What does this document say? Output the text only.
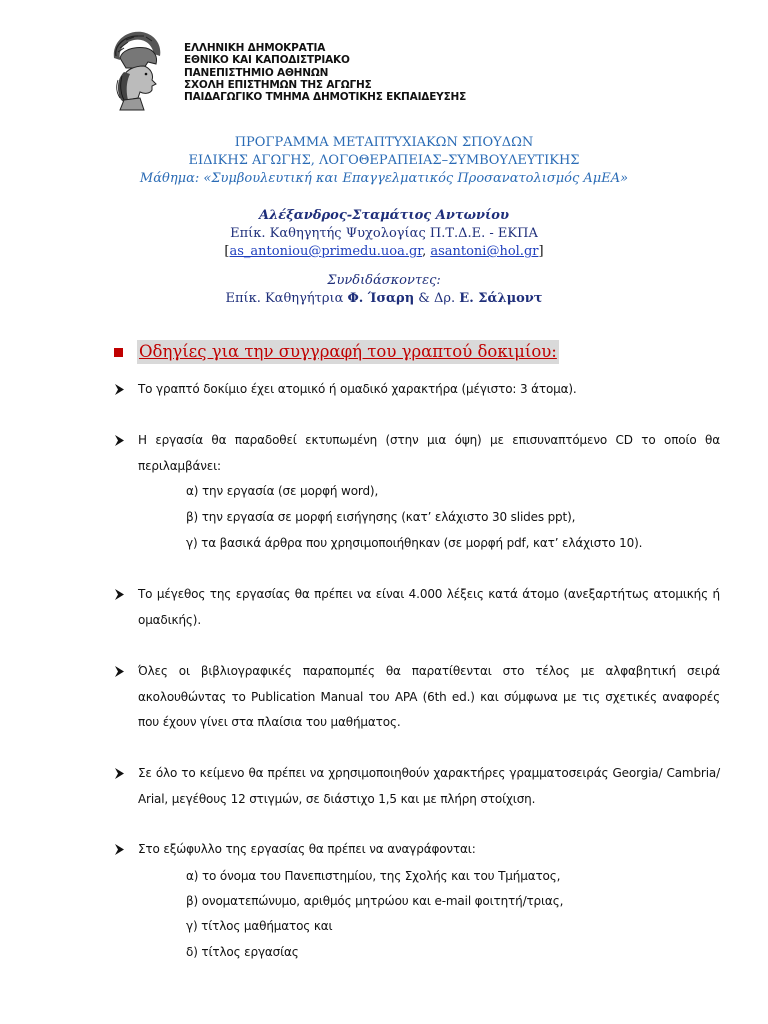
ΕΛΛΗΝΙΚΗ ΔΗΜΟΚΡΑΤΙΑ
ΕΘΝΙΚΟ ΚΑΙ ΚΑΠΟΔΙΣΤΡΙΑΚΟ
ΠΑΝΕΠΙΣΤΗΜΙΟ ΑΘΗΝΩΝ
ΣΧΟΛΗ ΕΠΙΣΤΗΜΩΝ ΤΗΣ ΑΓΩΓΗΣ
ΠΑΙΔΑΓΩΓΙΚΟ ΤΜΗΜΑ ΔΗΜΟΤΙΚΗΣ ΕΚΠΑΙΔΕΥΣΗΣ
ΠΡΟΓΡΑΜΜΑ ΜΕΤΑΠΤΥΧΙΑΚΩΝ ΣΠΟΥΔΩΝ
ΕΙΔΙΚΗΣ ΑΓΩΓΗΣ, ΛΟΓΟΘΕΡΑΠΕΙΑΣ–ΣΥΜΒΟΥΛΕΥΤΙΚΗΣ
Μάθημα: «Συμβουλευτική και Επαγγελματικός Προσανατολισμός ΑμΕΑ»
Αλέξανδρος-Σταμάτιος Αντωνίου
Επίκ. Καθηγητής Ψυχολογίας Π.Τ.Δ.Ε. - ΕΚΠΑ
[as_antoniou@primedu.uoa.gr, asantoni@hol.gr]
Συνδιδάσκοντες:
Επίκ. Καθηγήτρια Φ. Ίσαρη & Δρ. Ε. Σάλμοντ
Οδηγίες για την συγγραφή του γραπτού δοκιμίου:
Το γραπτό δοκίμιο έχει ατομικό ή ομαδικό χαρακτήρα (μέγιστο: 3 άτομα).
Η εργασία θα παραδοθεί εκτυπωμένη (στην μια όψη) με επισυναπτόμενο CD το οποίο θα περιλαμβάνει:
α) την εργασία (σε μορφή word),
β) την εργασία σε μορφή εισήγησης (κατ’ ελάχιστο 30 slides ppt),
γ) τα βασικά άρθρα που χρησιμοποιήθηκαν (σε μορφή pdf, κατ’ ελάχιστο 10).
Το μέγεθος της εργασίας θα πρέπει να είναι 4.000 λέξεις κατά άτομο (ανεξαρτήτως ατομικής ή ομαδικής).
Όλες οι βιβλιογραφικές παραπομπές θα παρατίθενται στο τέλος με αλφαβητική σειρά ακολουθώντας το Publication Manual του APA (6th ed.) και σύμφωνα με τις σχετικές αναφορές που έχουν γίνει στα πλαίσια του μαθήματος.
Σε όλο το κείμενο θα πρέπει να χρησιμοποιηθούν χαρακτήρες γραμματοσειράς Georgia/ Cambria/ Arial, μεγέθους 12 στιγμών, σε διάστιχο 1,5 και με πλήρη στοίχιση.
Στο εξώφυλλο της εργασίας θα πρέπει να αναγράφονται:
α) το όνομα του Πανεπιστημίου, της Σχολής και του Τμήματος,
β) ονοματεπώνυμο, αριθμός μητρώου και e-mail φοιτητή/τριας,
γ) τίτλος μαθήματος και
δ) τίτλος εργασίας
